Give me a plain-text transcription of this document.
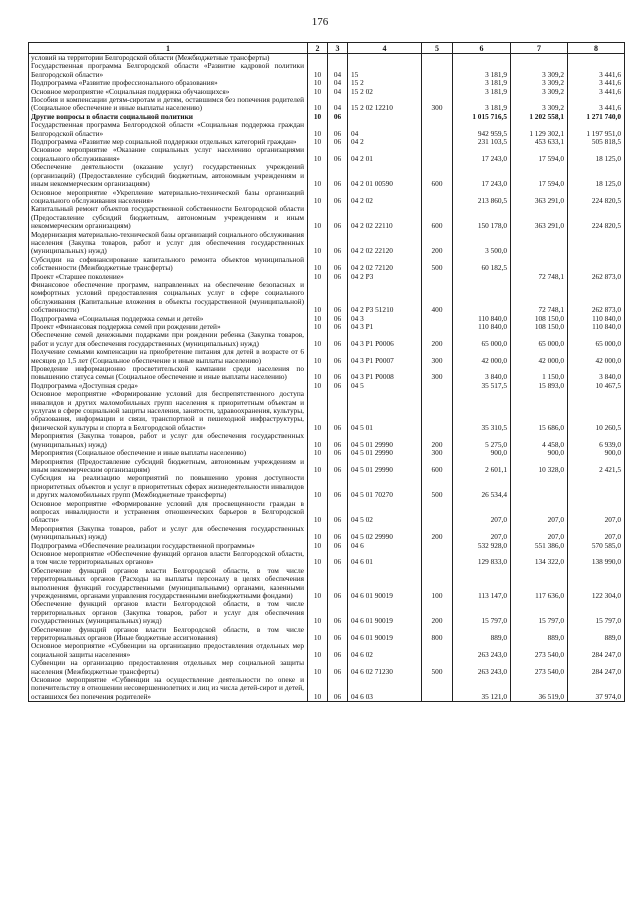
176
1	2	3	4	5	6	7	8
условий на территории Белгородской области (Межбюджетные трансферты)							
Государственная программа Белгородской области «Развитие кадровой политики Белгородской области»	10	04	15		3 181,9	3 309,2	3 441,6
Подпрограмма «Развитие профессионального образования»	10	04	15 2		3 181,9	3 309,2	3 441,6
Основное мероприятие «Социальная поддержка обучающихся»	10	04	15 2 02		3 181,9	3 309,2	3 441,6
Пособия и компенсации детям-сиротам и детям, оставшимся без попечения родителей (Социальное обеспечение и иные выплаты населению)	10	04	15 2 02 12210	300	3 181,9	3 309,2	3 441,6
Другие вопросы в области социальной политики	10	06			1 015 716,5	1 202 558,1	1 271 740,0
Государственная программа Белгородской области «Социальная поддержка граждан Белгородской области»	10	06	04		942 959,5	1 129 302,1	1 197 951,0
Подпрограмма «Развитие мер социальной поддержки отдельных категорий граждан»	10	06	04 2		231 103,5	453 633,1	505 818,5
Основное мероприятие «Оказание социальных услуг населению организациями социального обслуживания»	10	06	04 2 01		17 243,0	17 594,0	18 125,0
Обеспечение деятельности (оказание услуг) государственных учреждений (организаций) (Предоставление субсидий бюджетным, автономным учреждениям и иным некоммерческим организациям)	10	06	04 2 01 00590	600	17 243,0	17 594,0	18 125,0
Основное мероприятие «Укрепление материально-технической базы организаций социального обслуживания населения»	10	06	04 2 02		213 860,5	363 291,0	224 820,5
Капитальный ремонт объектов государственной собственности Белгородской области (Предоставление субсидий бюджетным, автономным учреждениям и иным некоммерческим организациям)	10	06	04 2 02 22110	600	150 178,0	363 291,0	224 820,5
Модернизация материально-технической базы организаций социального обслуживания населения (Закупка товаров, работ и услуг для обеспечения государственных (муниципальных) нужд)	10	06	04 2 02 22120	200	3 500,0		
Субсидии на софинансирование капитального ремонта объектов муниципальной собственности (Межбюджетные трансферты)	10	06	04 2 02 72120	500	60 182,5		
Проект «Старшее поколение»	10	06	04 2 P3			72 748,1	262 873,0
Финансовое обеспечение программ, направленных на обеспечение безопасных и комфортных условий предоставления социальных услуг в сфере социального обслуживания (Капитальные вложения в объекты государственной (муниципальной) собственности)	10	06	04 2 P3 51210	400		72 748,1	262 873,0
Подпрограмма «Социальная поддержка семьи и детей»	10	06	04 3		110 840,0	108 150,0	110 840,0
Проект «Финансовая поддержка семей при рождении детей»	10	06	04 3 P1		110 840,0	108 150,0	110 840,0
Обеспечение семей денежными подарками при рождении ребенка (Закупка товаров, работ и услуг для обеспечения государственных (муниципальных) нужд)	10	06	04 3 P1 P0006	200	65 000,0	65 000,0	65 000,0
Получение семьями компенсации на приобретение питания для детей в возрасте от 6 месяцев до 1,5 лет (Социальное обеспечение и иные выплаты населению)	10	06	04 3 P1 P0007	300	42 000,0	42 000,0	42 000,0
Проведение информационно просветительской кампании среди населения по повышению статуса семьи (Социальное обеспечение и иные выплаты населению)	10	06	04 3 P1 P0008	300	3 840,0	1 150,0	3 840,0
Подпрограмма «Доступная среда»	10	06	04 5		35 517,5	15 893,0	10 467,5
Основное мероприятие «Формирование условий для беспрепятственного доступа инвалидов и других маломобильных групп населения к приоритетным объектам и услугам в сфере социальной защиты населения, занятости, здравоохранения, культуры, образования, информации и связи, транспортной и пешеходной инфраструктуры, физической культуры и спорта в Белгородской области»	10	06	04 5 01		35 310,5	15 686,0	10 260,5
Мероприятия (Закупка товаров, работ и услуг для обеспечения государственных (муниципальных) нужд)	10	06	04 5 01 29990	200	5 275,0	4 458,0	6 939,0
Мероприятия (Социальное обеспечение и иные выплаты населению)	10	06	04 5 01 29990	300	900,0	900,0	900,0
Мероприятия (Предоставление субсидий бюджетным, автономным учреждениям и иным некоммерческим организациям)	10	06	04 5 01 29990	600	2 601,1	10 328,0	2 421,5
Субсидия на реализацию мероприятий по повышению уровня доступности приоритетных объектов и услуг в приоритетных сферах жизнедеятельности инвалидов и других маломобильных групп (Межбюджетные трансферты)	10	06	04 5 01 70270	500	26 534,4		
Основное мероприятие «Формирование условий для просвещенности граждан в вопросах инвалидности и устранения отношенческих барьеров в Белгородской области»	10	06	04 5 02		207,0	207,0	207,0
Мероприятия (Закупка товаров, работ и услуг для обеспечения государственных (муниципальных) нужд)	10	06	04 5 02 29990	200	207,0	207,0	207,0
Подпрограмма «Обеспечение реализации государственной программы»	10	06	04 6		532 928,0	551 386,0	570 585,0
Основное мероприятие «Обеспечение функций органов власти Белгородской области, в том числе территориальных органов»	10	06	04 6 01		129 833,0	134 322,0	138 990,0
Обеспечение функций органов власти Белгородской области, в том числе территориальных органов (Расходы на выплаты персоналу в целях обеспечения выполнения функций государственными (муниципальными) органами, казенными учреждениями, органами управления государственными внебюджетными фондами)	10	06	04 6 01 90019	100	113 147,0	117 636,0	122 304,0
Обеспечение функций органов власти Белгородской области, в том числе территориальных органов (Закупка товаров, работ и услуг для обеспечения государственных (муниципальных) нужд)	10	06	04 6 01 90019	200	15 797,0	15 797,0	15 797,0
Обеспечение функций органов власти Белгородской области, в том числе территориальных органов (Иные бюджетные ассигнования)	10	06	04 6 01 90019	800	889,0	889,0	889,0
Основное мероприятие «Субвенции на организацию предоставления отдельных мер социальной защиты населения»	10	06	04 6 02		263 243,0	273 540,0	284 247,0
Субвенции на организацию предоставления отдельных мер социальной защиты населения (Межбюджетные трансферты)	10	06	04 6 02 71230	500	263 243,0	273 540,0	284 247,0
Основное мероприятие «Субвенции на осуществление деятельности по опеке и попечительству в отношении несовершеннолетних и лиц из числа детей-сирот и детей, оставшихся без попечения родителей»	10	06	04 6 03		35 121,0	36 519,0	37 974,0
